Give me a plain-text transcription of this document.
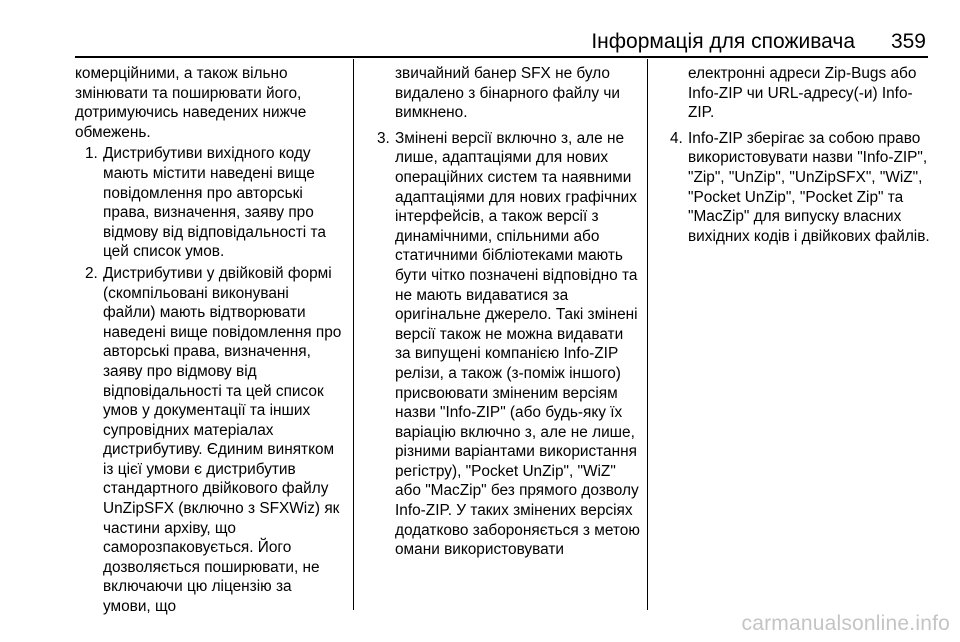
Інформація для споживача 359

комерційними, а також вільно змінювати та поширювати його, дотримуючись наведених нижче обмежень.

1. Дистрибутиви вихідного коду мають містити наведені вище повідомлення про авторські права, визначення, заяву про відмову від відповідальності та цей список умов.
2. Дистрибутиви у двійковій формі (скомпільовані виконувані файли) мають відтворювати наведені вище повідомлення про авторські права, визначення, заяву про відмову від відповідальності та цей список умов у документації та інших супровідних матеріалах дистрибутиву. Єдиним винятком із цієї умови є дистрибутив стандартного двійкового файлу UnZipSFX (включно з SFXWiz) як частини архіву, що саморозпаковується. Його дозволяється поширювати, не включаючи цю ліцензію за умови, що

звичайний банер SFX не було видалено з бінарного файлу чи вимкнено.

3. Змінені версії включно з, але не лише, адаптаціями для нових операційних систем та наявними адаптаціями для нових графічних інтерфейсів, а також версії з динамічними, спільними або статичними бібліотеками мають бути чітко позначені відповідно та не мають видаватися за оригінальне джерело. Такі змінені версії також не можна видавати за випущені компанією Info-ZIP релізи, а також (з-поміж іншого) присвоювати зміненим версіям назви "Info-ZIP" (або будь-яку їх варіацію включно з, але не лише, різними варіантами використання регістру), "Pocket UnZip", "WiZ" або "MacZip" без прямого дозволу Info-ZIP. У таких змінених версіях додатково забороняється з метою омани використовувати

електронні адреси Zip-Bugs або Info-ZIP чи URL-адресу(-и) Info-ZIP.

4. Info-ZIP зберігає за собою право використовувати назви "Info-ZIP", "Zip", "UnZip", "UnZipSFX", "WiZ", "Pocket UnZip", "Pocket Zip" та "MacZip" для випуску власних вихідних кодів і двійкових файлів.
carmanualsonline.info
